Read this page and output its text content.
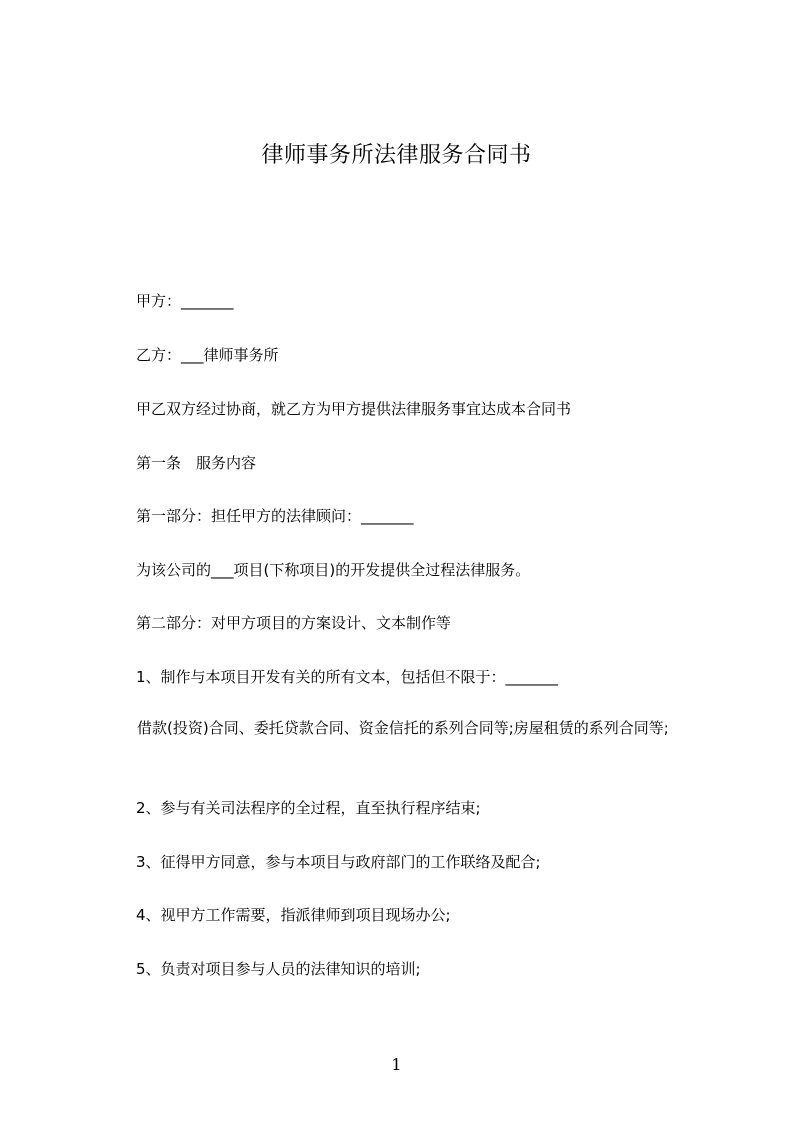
律师事务所法律服务合同书
甲方：_______
乙方：___律师事务所
甲乙双方经过协商，就乙方为甲方提供法律服务事宜达成本合同书
第一条　服务内容
第一部分：担任甲方的法律顾问：_______
为该公司的___项目(下称项目)的开发提供全过程法律服务。
第二部分：对甲方项目的方案设计、文本制作等
1、制作与本项目开发有关的所有文本，包括但不限于：_______
借款(投资)合同、委托贷款合同、资金信托的系列合同等;房屋租赁的系列合同等;
2、参与有关司法程序的全过程，直至执行程序结束;
3、征得甲方同意，参与本项目与政府部门的工作联络及配合;
4、视甲方工作需要，指派律师到项目现场办公;
5、负责对项目参与人员的法律知识的培训;
1
